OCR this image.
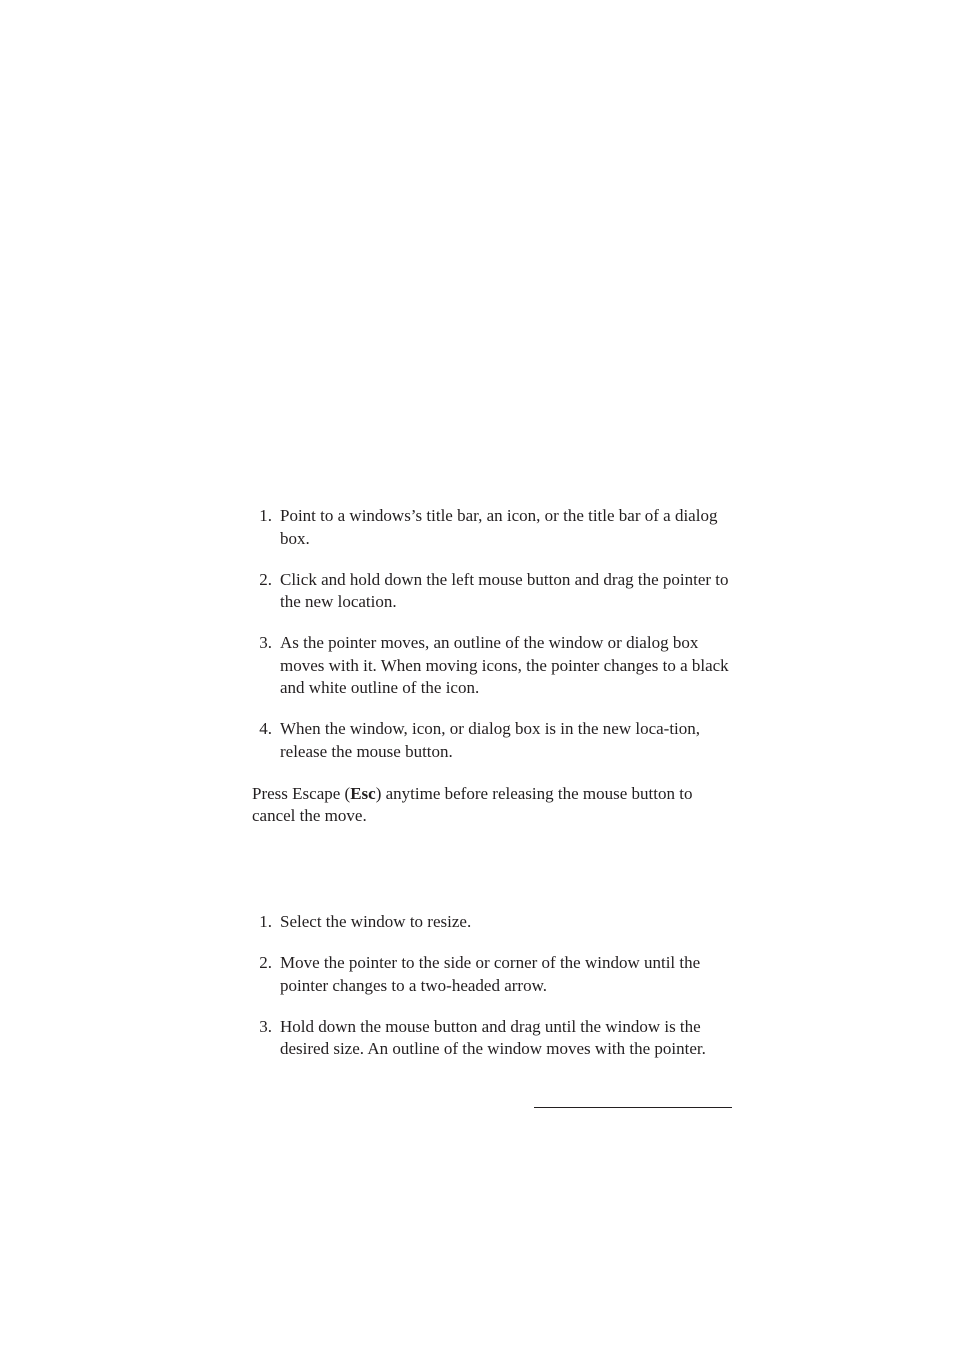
1. Point to a windows’s title bar, an icon, or the title bar of a dialog box.
2. Click and hold down the left mouse button and drag the pointer to the new location.
3. As the pointer moves, an outline of the window or dialog box moves with it. When moving icons, the pointer changes to a black and white outline of the icon.
4. When the window, icon, or dialog box is in the new loca-tion, release the mouse button.

Press Escape (Esc) anytime before releasing the mouse button to cancel the move.

1. Select the window to resize.
2. Move the pointer to the side or corner of the window until the pointer changes to a two-headed arrow.
3. Hold down the mouse button and drag until the window is the desired size. An outline of the window moves with the pointer.
